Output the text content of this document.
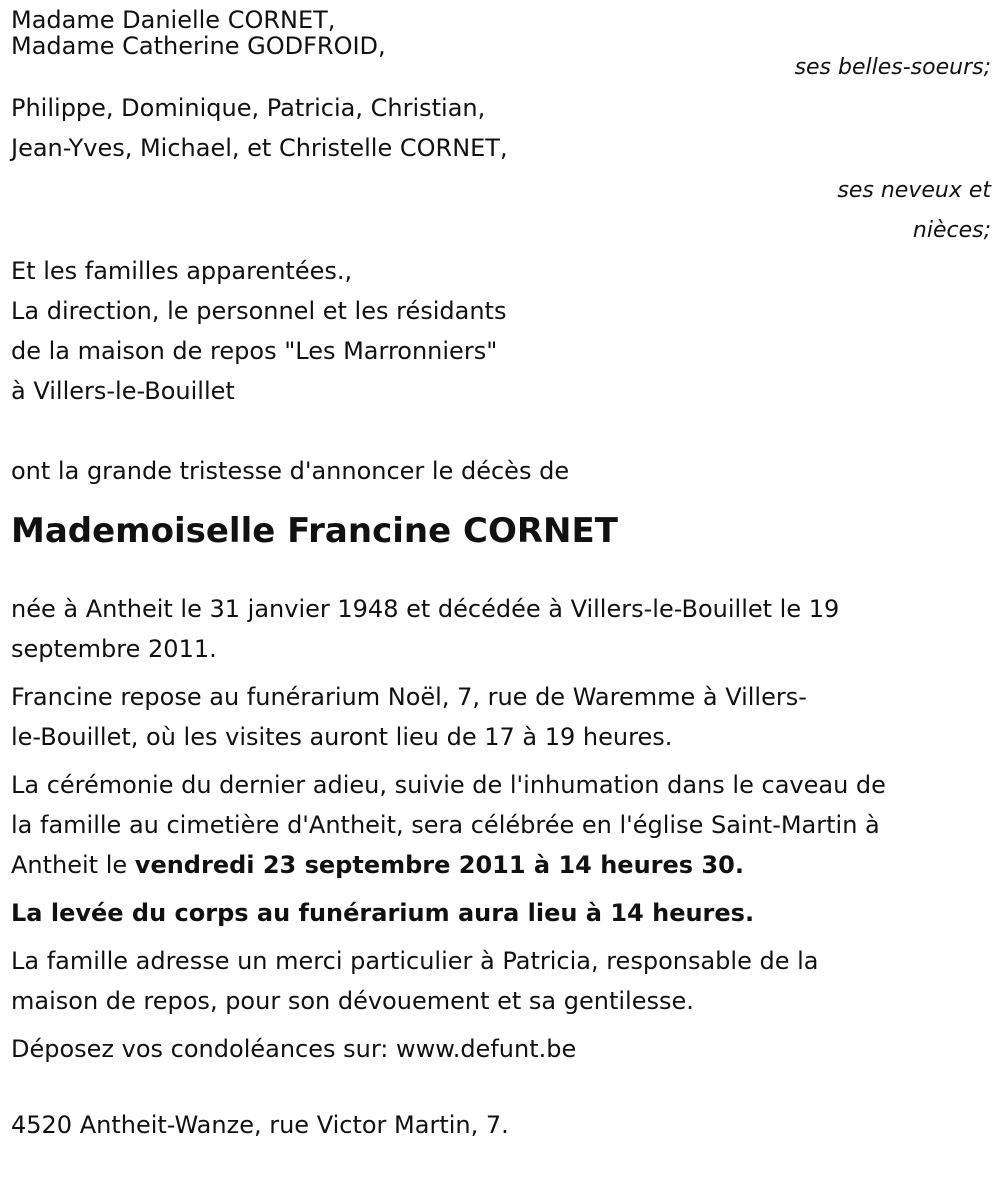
Madame Danielle CORNET,
Madame Catherine GODFROID,
ses belles-soeurs;
Philippe, Dominique, Patricia, Christian,
Jean-Yves, Michael, et Christelle CORNET,
ses neveux et
nièces;
Et les familles apparentées.,
La direction, le personnel et les résidants
de la maison de repos "Les Marronniers"
à Villers-le-Bouillet
ont la grande tristesse d'annoncer le décès de
Mademoiselle Francine CORNET
née à Antheit le 31 janvier 1948 et décédée à Villers-le-Bouillet le 19
septembre 2011.
Francine repose au funérarium Noël, 7, rue de Waremme à Villers-
le-Bouillet, où les visites auront lieu de 17 à 19 heures.
La cérémonie du dernier adieu, suivie de l'inhumation dans le caveau de
la famille au cimetière d'Antheit, sera célébrée en l'église Saint-Martin à
Antheit le vendredi 23 septembre 2011 à 14 heures 30.
La levée du corps au funérarium aura lieu à 14 heures.
La famille adresse un merci particulier à Patricia, responsable de la
maison de repos, pour son dévouement et sa gentilesse.
Déposez vos condoléances sur: www.defunt.be
4520 Antheit-Wanze, rue Victor Martin, 7.
